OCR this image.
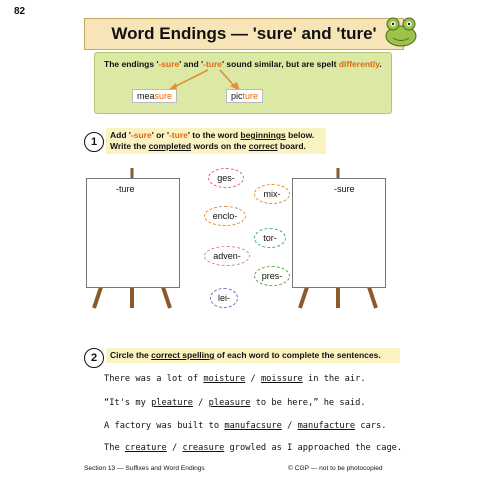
82
Word Endings — 'sure' and 'ture'
The endings '-sure' and '-ture' sound similar, but are spelt differently.
measure	picture
1
Add '-sure' or '-ture' to the word beginnings below.
Write the completed words on the correct board.
-ture	-sure
ges-
mix-
enclo-
tor-
adven-
pres-
lei-
2	Circle the correct spelling of each word to complete the sentences.
There was a lot of moisture / moissure in the air.
“It's my pleature / pleasure to be here,” he said.
A factory was built to manufacsure / manufacture cars.
The creature / creasure growled as I approached the cage.
Section 13 — Suffixes and Word Endings	© CGP — not to be photocopied
